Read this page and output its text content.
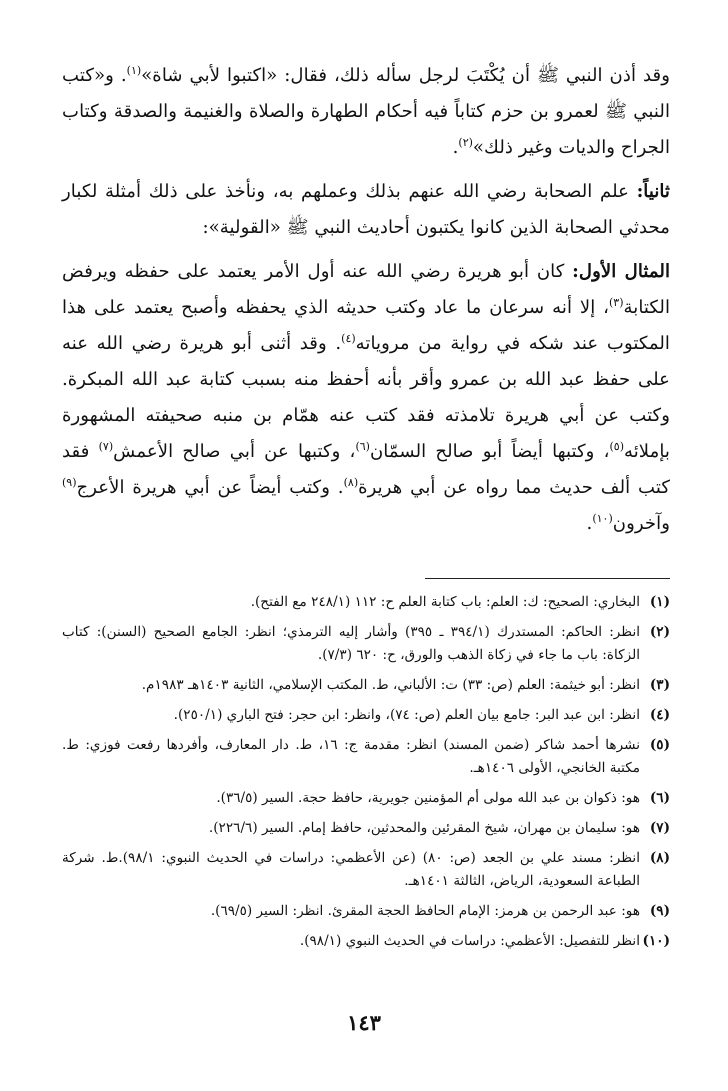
وقد أذن النبي ﷺ أن يُكْتَبَ لرجل سأله ذلك، فقال: «اكتبوا لأبي شاة»$^{(١)}$. و«كتب النبي ﷺ لعمرو بن حزم كتاباً فيه أحكام الطهارة والصلاة والغنيمة والصدقة وكتاب الجراح والديات وغير ذلك»$^{(٢)}$.

ثانياً: علم الصحابة رضي الله عنهم بذلك وعملهم به، ونأخذ على ذلك أمثلة لكبار محدثي الصحابة الذين كانوا يكتبون أحاديث النبي ﷺ «القولية»:

المثال الأول: كان أبو هريرة رضي الله عنه أول الأمر يعتمد على حفظه ويرفض الكتابة$^{(٣)}$، إلا أنه سرعان ما عاد وكتب حديثه الذي يحفظه وأصبح يعتمد على هذا المكتوب عند شكه في رواية من مروياته$^{(٤)}$. وقد أثنى أبو هريرة رضي الله عنه على حفظ عبد الله بن عمرو وأقر بأنه أحفظ منه بسبب كتابة عبد الله المبكرة. وكتب عن أبي هريرة تلامذته فقد كتب عنه همّام بن منبه صحيفته المشهورة بإملائه$^{(٥)}$، وكتبها أيضاً أبو صالح السمّان$^{(٦)}$، وكتبها عن أبي صالح الأعمش$^{(٧)}$ فقد كتب ألف حديث مما رواه عن أبي هريرة$^{(٨)}$. وكتب أيضاً عن أبي هريرة الأعرج$^{(٩)}$ وآخرون$^{(١٠)}$.

(١)
البخاري: الصحيح: ك: العلم: باب كتابة العلم ح: ١١٢ (٢٤٨/١ مع الفتح).
(٢)
انظر: الحاكم: المستدرك (٣٩٤/١ ـ ٣٩٥) وأشار إليه الترمذي؛ انظر: الجامع الصحيح (السنن): كتاب الزكاة: باب ما جاء في زكاة الذهب والورق، ح: ٦٢٠ (٧/٣).
(٣)
انظر: أبو خيثمة: العلم (ص: ٣٣) ت: الألباني، ط. المكتب الإسلامي، الثانية ١٤٠٣هـ ١٩٨٣م.
(٤)
انظر: ابن عبد البر: جامع بيان العلم (ص: ٧٤)، وانظر: ابن حجر: فتح الباري (٢٥٠/١).
(٥)
نشرها أحمد شاكر (ضمن المسند) انظر: مقدمة ج: ١٦، ط. دار المعارف، وأفردها رفعت فوزي: ط. مكتبة الخانجي، الأولى ١٤٠٦هـ.
(٦)
هو: ذكوان بن عبد الله مولى أم المؤمنين جويرية، حافظ حجة. السير (٣٦/٥).
(٧)
هو: سليمان بن مهران، شيخ المقرئين والمحدثين، حافظ إمام. السير (٢٢٦/٦).
(٨)
انظر: مسند علي بن الجعد (ص: ٨٠) (عن الأعظمي: دراسات في الحديث النبوي: ٩٨/١).ط. شركة الطباعة السعودية، الرياض، الثالثة ١٤٠١هـ.
(٩)
هو: عبد الرحمن بن هرمز: الإمام الحافظ الحجة المقرئ. انظر: السير (٦٩/٥).
(١٠)
انظر للتفصيل: الأعظمي: دراسات في الحديث النبوي (٩٨/١).
١٤٣
